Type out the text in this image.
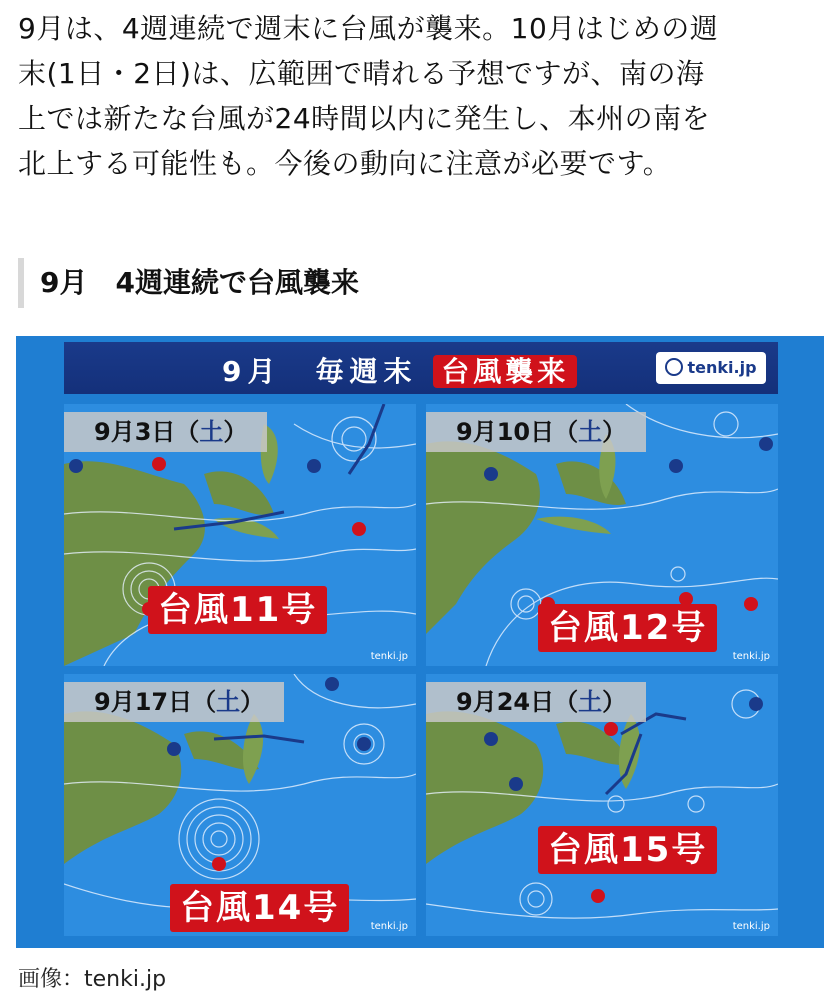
9月は、4週連続で週末に台風が襲来。10月はじめの週
末(1日・2日)は、広範囲で晴れる予想ですが、南の海
上では新たな台風が24時間以内に発生し、本州の南を
北上する可能性も。今後の動向に注意が必要です。

9月　4週連続で台風襲来
9月　 毎週末 台風襲来	tenki.jp
9月3日（土）
台風11号
tenki.jp
9月10日（土）
台風12号
tenki.jp
9月17日（土）
台風14号	tenki.jp
9月24日（土）
台風15号
tenki.jp
画像：tenki.jp
